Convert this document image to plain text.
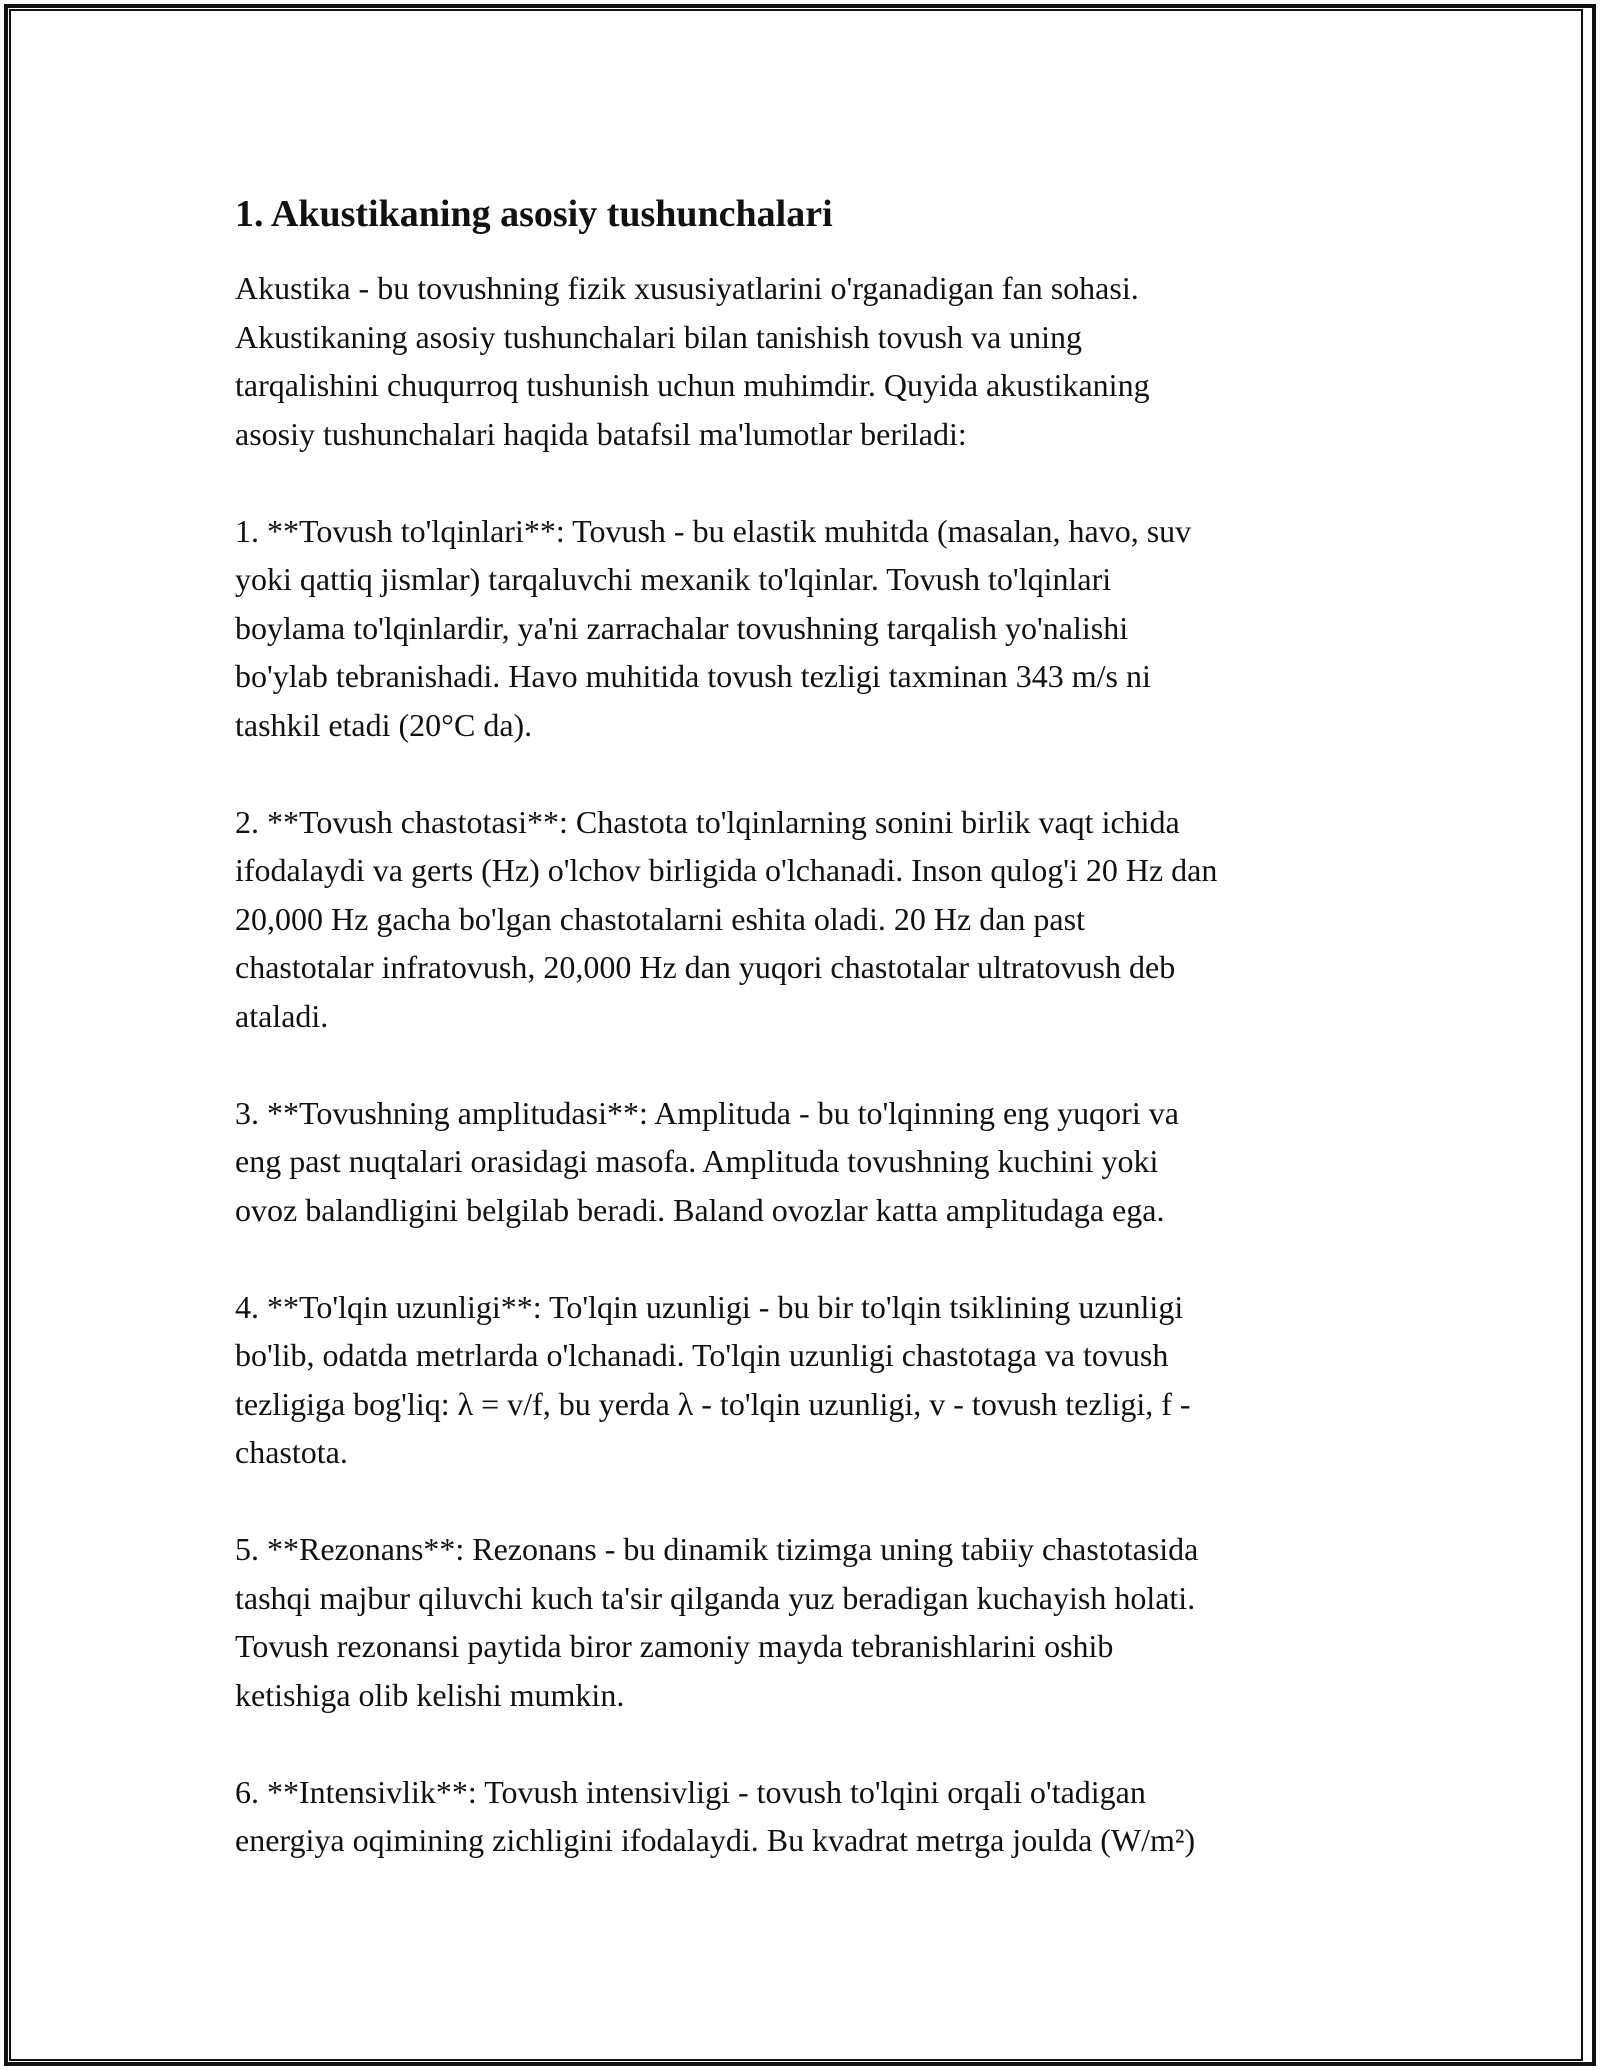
1. Akustikaning asosiy tushunchalari

Akustika - bu tovushning fizik xususiyatlarini o'rganadigan fan sohasi.
Akustikaning asosiy tushunchalari bilan tanishish tovush va uning
tarqalishini chuqurroq tushunish uchun muhimdir. Quyida akustikaning
asosiy tushunchalari haqida batafsil ma'lumotlar beriladi:

1. **Tovush to'lqinlari**: Tovush - bu elastik muhitda (masalan, havo, suv
yoki qattiq jismlar) tarqaluvchi mexanik to'lqinlar. Tovush to'lqinlari
boylama to'lqinlardir, ya'ni zarrachalar tovushning tarqalish yo'nalishi
bo'ylab tebranishadi. Havo muhitida tovush tezligi taxminan 343 m/s ni
tashkil etadi (20°C da).

2. **Tovush chastotasi**: Chastota to'lqinlarning sonini birlik vaqt ichida
ifodalaydi va gerts (Hz) o'lchov birligida o'lchanadi. Inson qulog'i 20 Hz dan
20,000 Hz gacha bo'lgan chastotalarni eshita oladi. 20 Hz dan past
chastotalar infratovush, 20,000 Hz dan yuqori chastotalar ultratovush deb
ataladi.

3. **Tovushning amplitudasi**: Amplituda - bu to'lqinning eng yuqori va
eng past nuqtalari orasidagi masofa. Amplituda tovushning kuchini yoki
ovoz balandligini belgilab beradi. Baland ovozlar katta amplitudaga ega.

4. **To'lqin uzunligi**: To'lqin uzunligi - bu bir to'lqin tsiklining uzunligi
bo'lib, odatda metrlarda o'lchanadi. To'lqin uzunligi chastotaga va tovush
tezligiga bog'liq: λ = v/f, bu yerda λ - to'lqin uzunligi, v - tovush tezligi, f -
chastota.

5. **Rezonans**: Rezonans - bu dinamik tizimga uning tabiiy chastotasida
tashqi majbur qiluvchi kuch ta'sir qilganda yuz beradigan kuchayish holati.
Tovush rezonansi paytida biror zamoniy mayda tebranishlarini oshib
ketishiga olib kelishi mumkin.

6. **Intensivlik**: Tovush intensivligi - tovush to'lqini orqali o'tadigan
energiya oqimining zichligini ifodalaydi. Bu kvadrat metrga joulda (W/m²)
